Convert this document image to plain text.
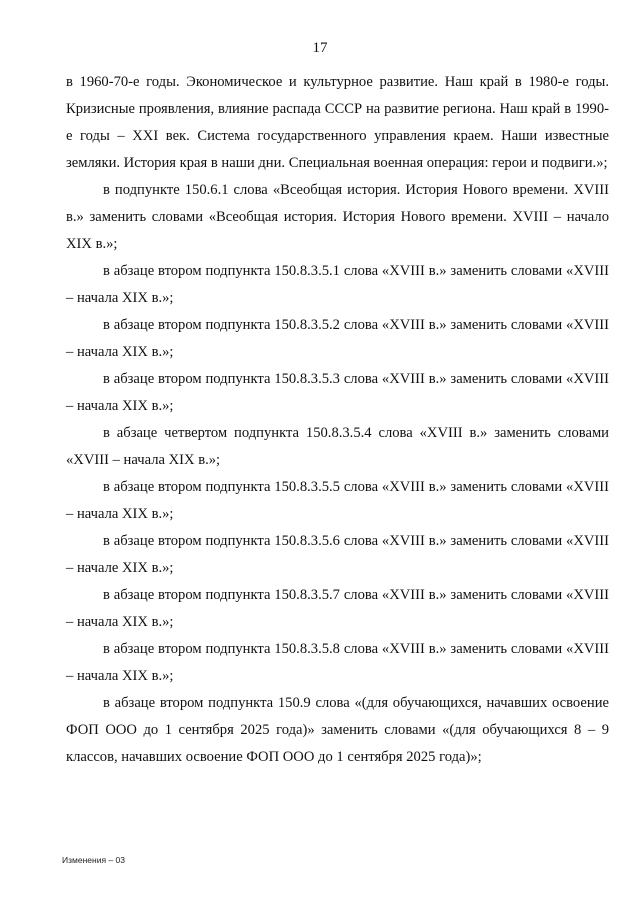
17

в 1960-70-е годы. Экономическое и культурное развитие. Наш край в 1980-е годы. Кризисные проявления, влияние распада СССР на развитие региона. Наш край в 1990-е годы – XXI век. Система государственного управления краем. Наши известные земляки. История края в наши дни. Специальная военная операция: герои и подвиги.»;

в подпункте 150.6.1 слова «Всеобщая история. История Нового времени. XVIII в.» заменить словами «Всеобщая история. История Нового времени. XVIII – начало XIX в.»;

в абзаце втором подпункта 150.8.3.5.1 слова «XVIII в.» заменить словами «XVIII – начала XIX в.»;

в абзаце втором подпункта 150.8.3.5.2 слова «XVIII в.» заменить словами «XVIII – начала XIX в.»;

в абзаце втором подпункта 150.8.3.5.3 слова «XVIII в.» заменить словами «XVIII – начала XIX в.»;

в абзаце четвертом подпункта 150.8.3.5.4 слова «XVIII в.» заменить словами «XVIII – начала XIX в.»;

в абзаце втором подпункта 150.8.3.5.5 слова «XVIII в.» заменить словами «XVIII – начала XIX в.»;

в абзаце втором подпункта 150.8.3.5.6 слова «XVIII в.» заменить словами «XVIII – начале XIX в.»;

в абзаце втором подпункта 150.8.3.5.7 слова «XVIII в.» заменить словами «XVIII – начала XIX в.»;

в абзаце втором подпункта 150.8.3.5.8 слова «XVIII в.» заменить словами «XVIII – начала XIX в.»;

в абзаце втором подпункта 150.9 слова «(для обучающихся, начавших освоение ФОП ООО до 1 сентября 2025 года)» заменить словами «(для обучающихся 8 – 9 классов, начавших освоение ФОП ООО до 1 сентября 2025 года)»;

Изменения – 03
